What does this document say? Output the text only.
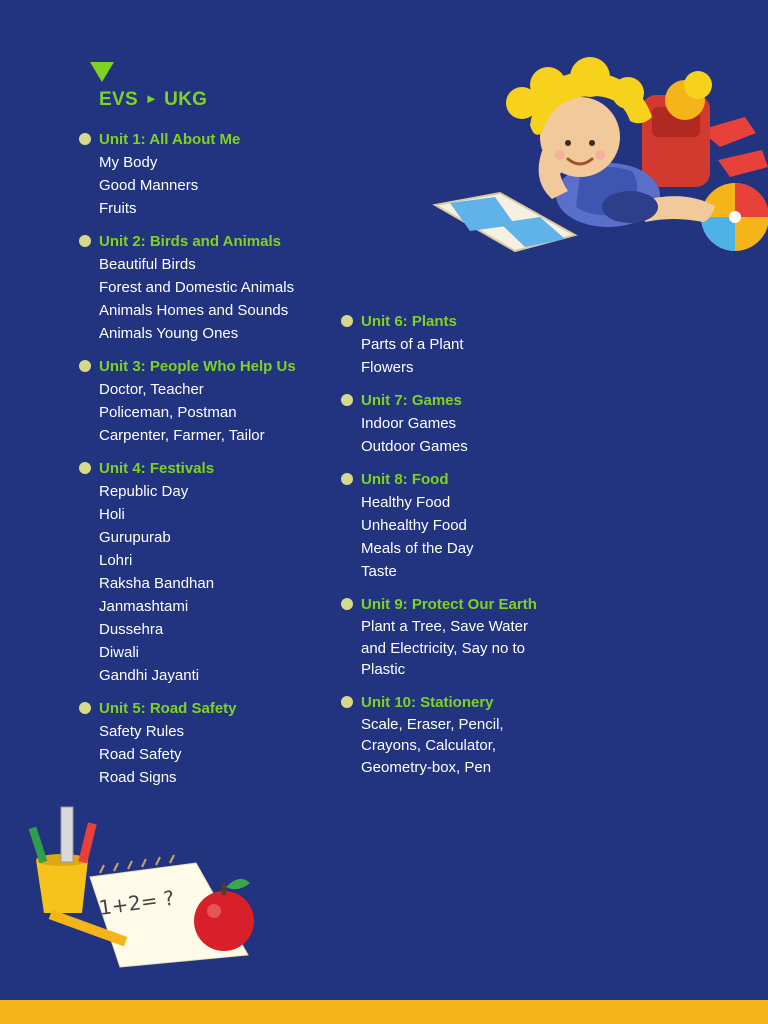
EVS ► UKG
Unit 1: All About Me
My Body
Good Manners
Fruits
Unit 2: Birds and Animals
Beautiful Birds
Forest and Domestic Animals
Animals Homes and Sounds
Animals Young Ones
Unit 3: People Who Help Us
Doctor, Teacher
Policeman, Postman
Carpenter, Farmer, Tailor
Unit 4: Festivals
Republic Day
Holi
Gurupurab
Lohri
Raksha Bandhan
Janmashtami
Dussehra
Diwali
Gandhi Jayanti
Unit 5: Road Safety
Safety Rules
Road Safety
Road Signs
Unit 6: Plants
Parts of a Plant
Flowers
Unit 7: Games
Indoor Games
Outdoor Games
Unit 8: Food
Healthy Food
Unhealthy Food
Meals of the Day
Taste
Unit 9: Protect Our Earth
Plant a Tree, Save Water and Electricity, Say no to Plastic
Unit 10: Stationery
Scale, Eraser, Pencil, Crayons, Calculator, Geometry-box, Pen
1+2= ?
